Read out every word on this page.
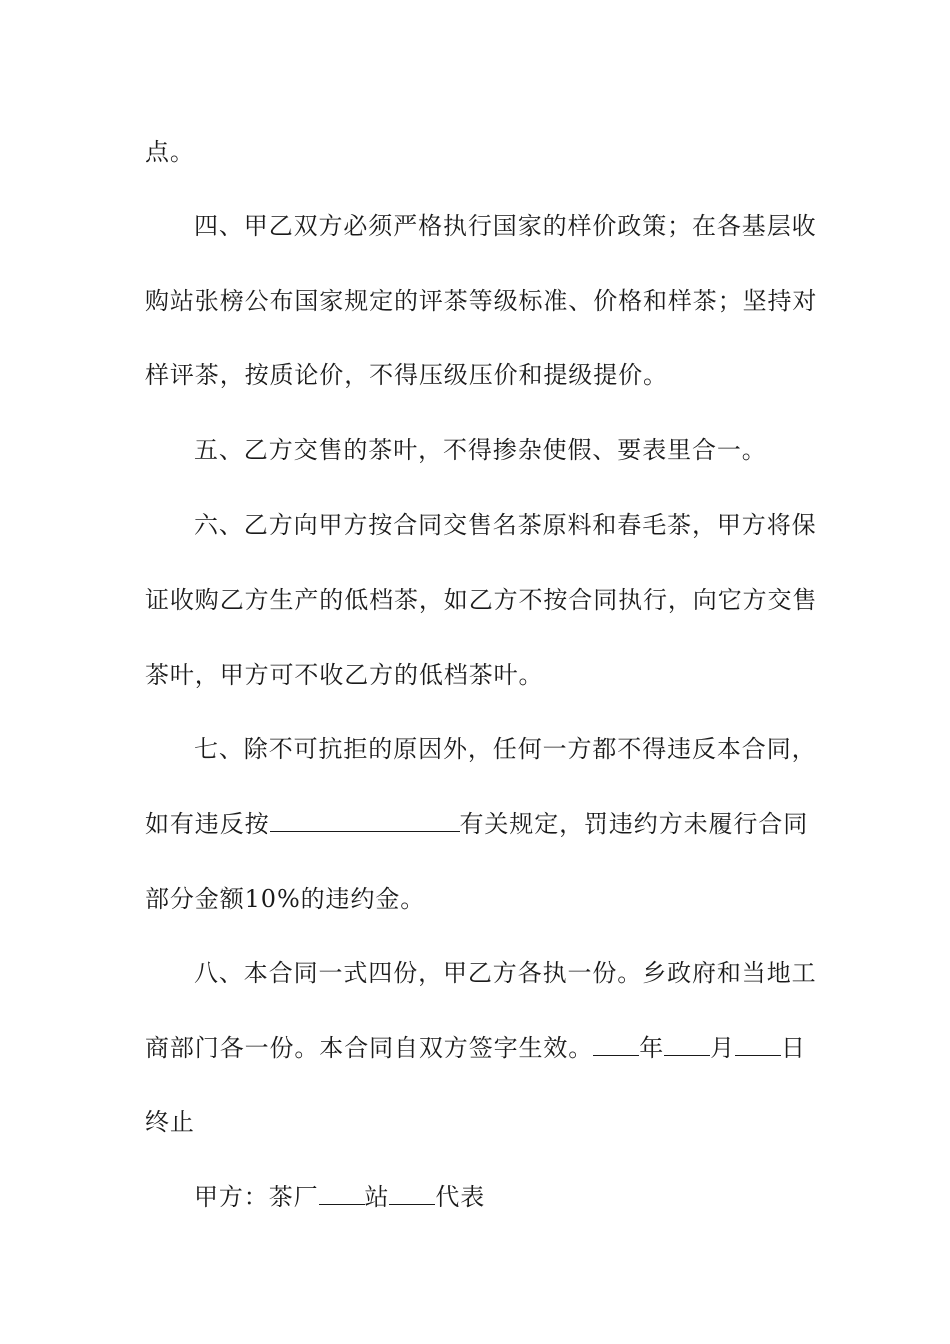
点。
四、甲乙双方必须严格执行国家的样价政策；在各基层收
购站张榜公布国家规定的评茶等级标准、价格和样茶；坚持对
样评茶，按质论价，不得压级压价和提级提价。
五、乙方交售的茶叶，不得掺杂使假、要表里合一。
六、乙方向甲方按合同交售名茶原料和春毛茶，甲方将保
证收购乙方生产的低档茶，如乙方不按合同执行，向它方交售
茶叶，甲方可不收乙方的低档茶叶。
七、除不可抗拒的原因外，任何一方都不得违反本合同，
如有违反按	有关规定，罚违约方未履行合同
部分金额10%的违约金。
八、本合同一式四份，甲乙方各执一份。乡政府和当地工
商部门各一份。本合同自双方签字生效。 年 月 日
终止
甲方：茶厂 站 代表
